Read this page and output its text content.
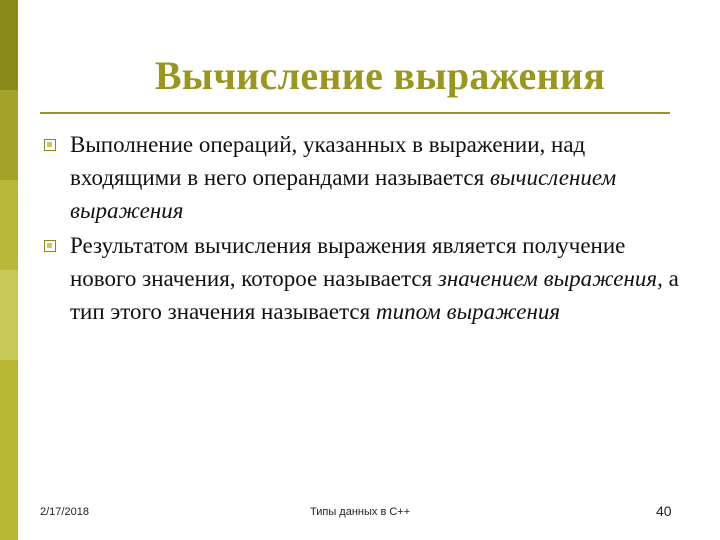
Вычисление выражения
Выполнение операций, указанных в выражении, над входящими в него операндами называется вычислением выражения
Результатом вычисления выражения является получение нового значения, которое называется значением выражения, а тип этого значения называется типом выражения
2/17/2018	Типы данных в С++	40
